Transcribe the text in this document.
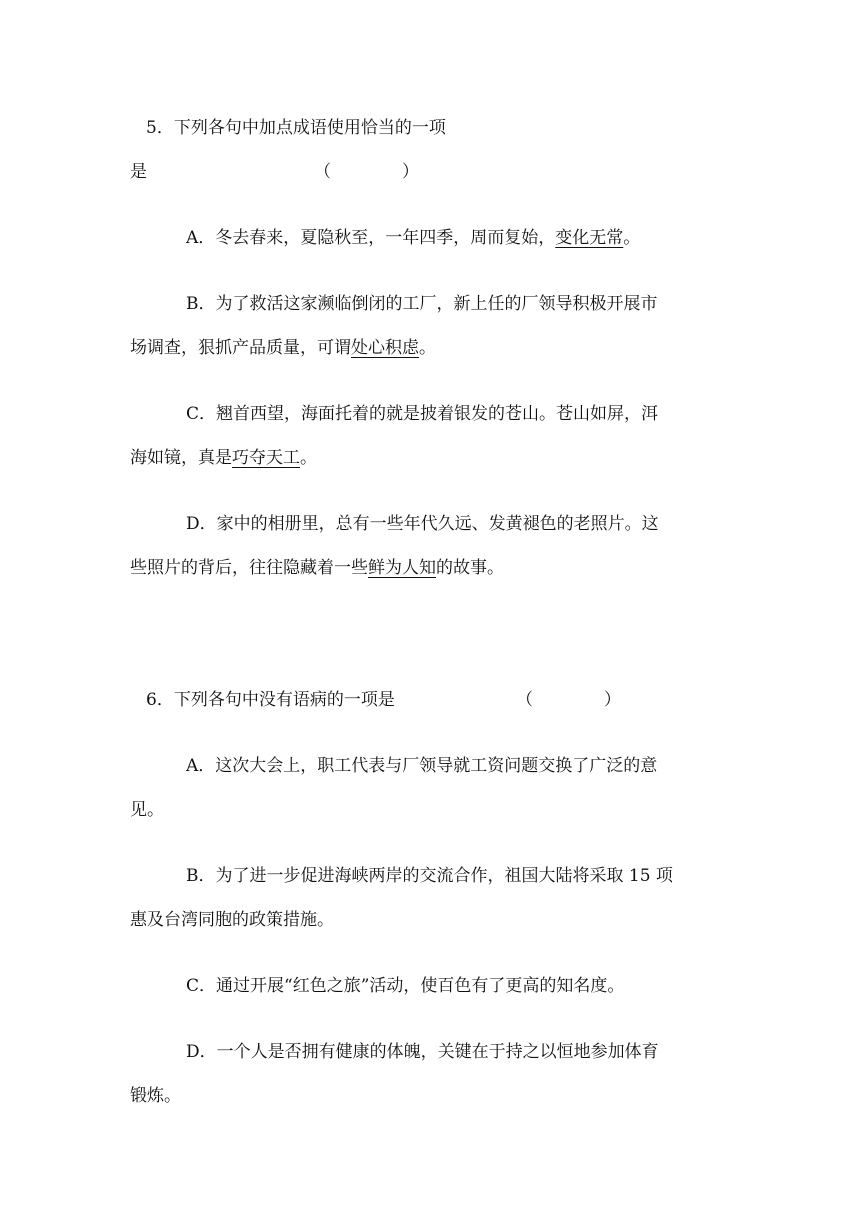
5．下列各句中加点成语使用恰当的一项
是	（	）
A．冬去春来，夏隐秋至，一年四季，周而复始，变化无常。
B．为了救活这家濒临倒闭的工厂，新上任的厂领导积极开展市
场调查，狠抓产品质量，可谓处心积虑。
C．翘首西望，海面托着的就是披着银发的苍山。苍山如屏，洱
海如镜，真是巧夺天工。
D．家中的相册里，总有一些年代久远、发黄褪色的老照片。这
些照片的背后，往往隐藏着一些鲜为人知的故事。
6．下列各句中没有语病的一项是	（	）
A．这次大会上，职工代表与厂领导就工资问题交换了广泛的意
见。
B．为了进一步促进海峡两岸的交流合作，祖国大陆将采取 15 项
惠及台湾同胞的政策措施。
C．通过开展“红色之旅”活动，使百色有了更高的知名度。
D．一个人是否拥有健康的体魄，关键在于持之以恒地参加体育
锻炼。
